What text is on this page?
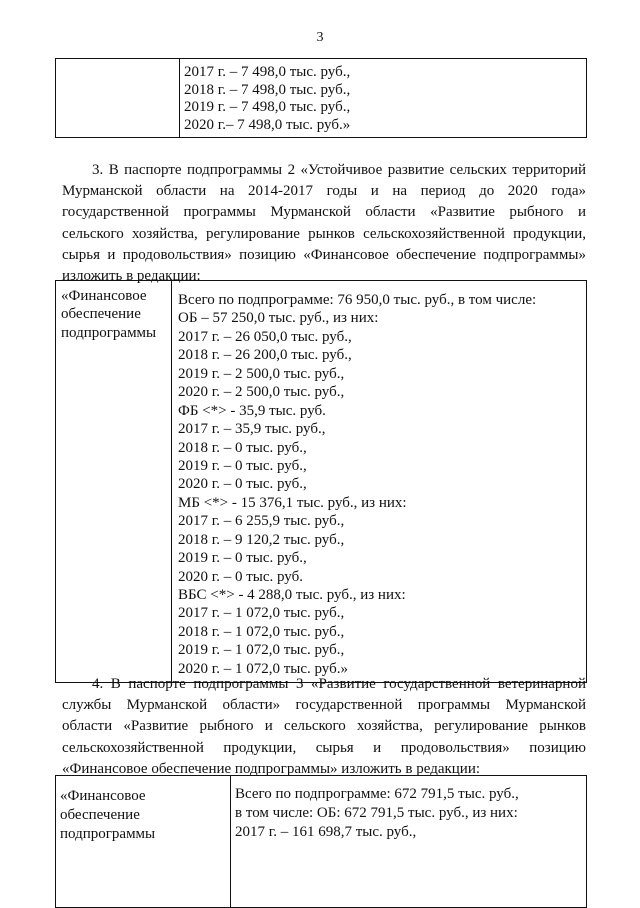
3

2017 г. – 7 498,0 тыс. руб.,
2018 г. – 7 498,0 тыс. руб.,
2019 г. – 7 498,0 тыс. руб.,
2020 г.– 7 498,0 тыс. руб.»
3. В паспорте подпрограммы 2 «Устойчивое развитие сельских территорий
Мурманской области на 2014-2017 годы и на период до 2020 года»
государственной программы Мурманской области «Развитие рыбного и
сельского хозяйства, регулирование рынков сельскохозяйственной продукции,
сырья и продовольствия» позицию «Финансовое обеспечение подпрограммы»
изложить в редакции:
«Финансовое
обеспечение
подпрограммы

Всего по подпрограмме: 76 950,0 тыс. руб., в том числе:
ОБ – 57 250,0 тыс. руб., из них:
2017 г. – 26 050,0 тыс. руб.,
2018 г. – 26 200,0 тыс. руб.,
2019 г. – 2 500,0 тыс. руб.,
2020 г. – 2 500,0 тыс. руб.,
ФБ <*> - 35,9 тыс. руб.
2017 г. – 35,9 тыс. руб.,
2018 г. – 0 тыс. руб.,
2019 г. – 0 тыс. руб.,
2020 г. – 0 тыс. руб.,
МБ <*> - 15 376,1 тыс. руб., из них:
2017 г. – 6 255,9 тыс. руб.,
2018 г. – 9 120,2 тыс. руб.,
2019 г. – 0 тыс. руб.,
2020 г. – 0 тыс. руб.
ВБС <*> - 4 288,0 тыс. руб., из них:
2017 г. – 1 072,0 тыс. руб.,
2018 г. – 1 072,0 тыс. руб.,
2019 г. – 1 072,0 тыс. руб.,
2020 г. – 1 072,0 тыс. руб.»
4. В паспорте подпрограммы 3 «Развитие государственной ветеринарной
службы Мурманской области» государственной программы Мурманской
области «Развитие рыбного и сельского хозяйства, регулирование рынков
сельскохозяйственной продукции, сырья и продовольствия» позицию
«Финансовое обеспечение подпрограммы» изложить в редакции:
«Финансовое
обеспечение
подпрограммы

Всего по подпрограмме: 672 791,5 тыс. руб.,
в том числе: ОБ: 672 791,5 тыс. руб., из них:
2017 г. – 161 698,7 тыс. руб.,
